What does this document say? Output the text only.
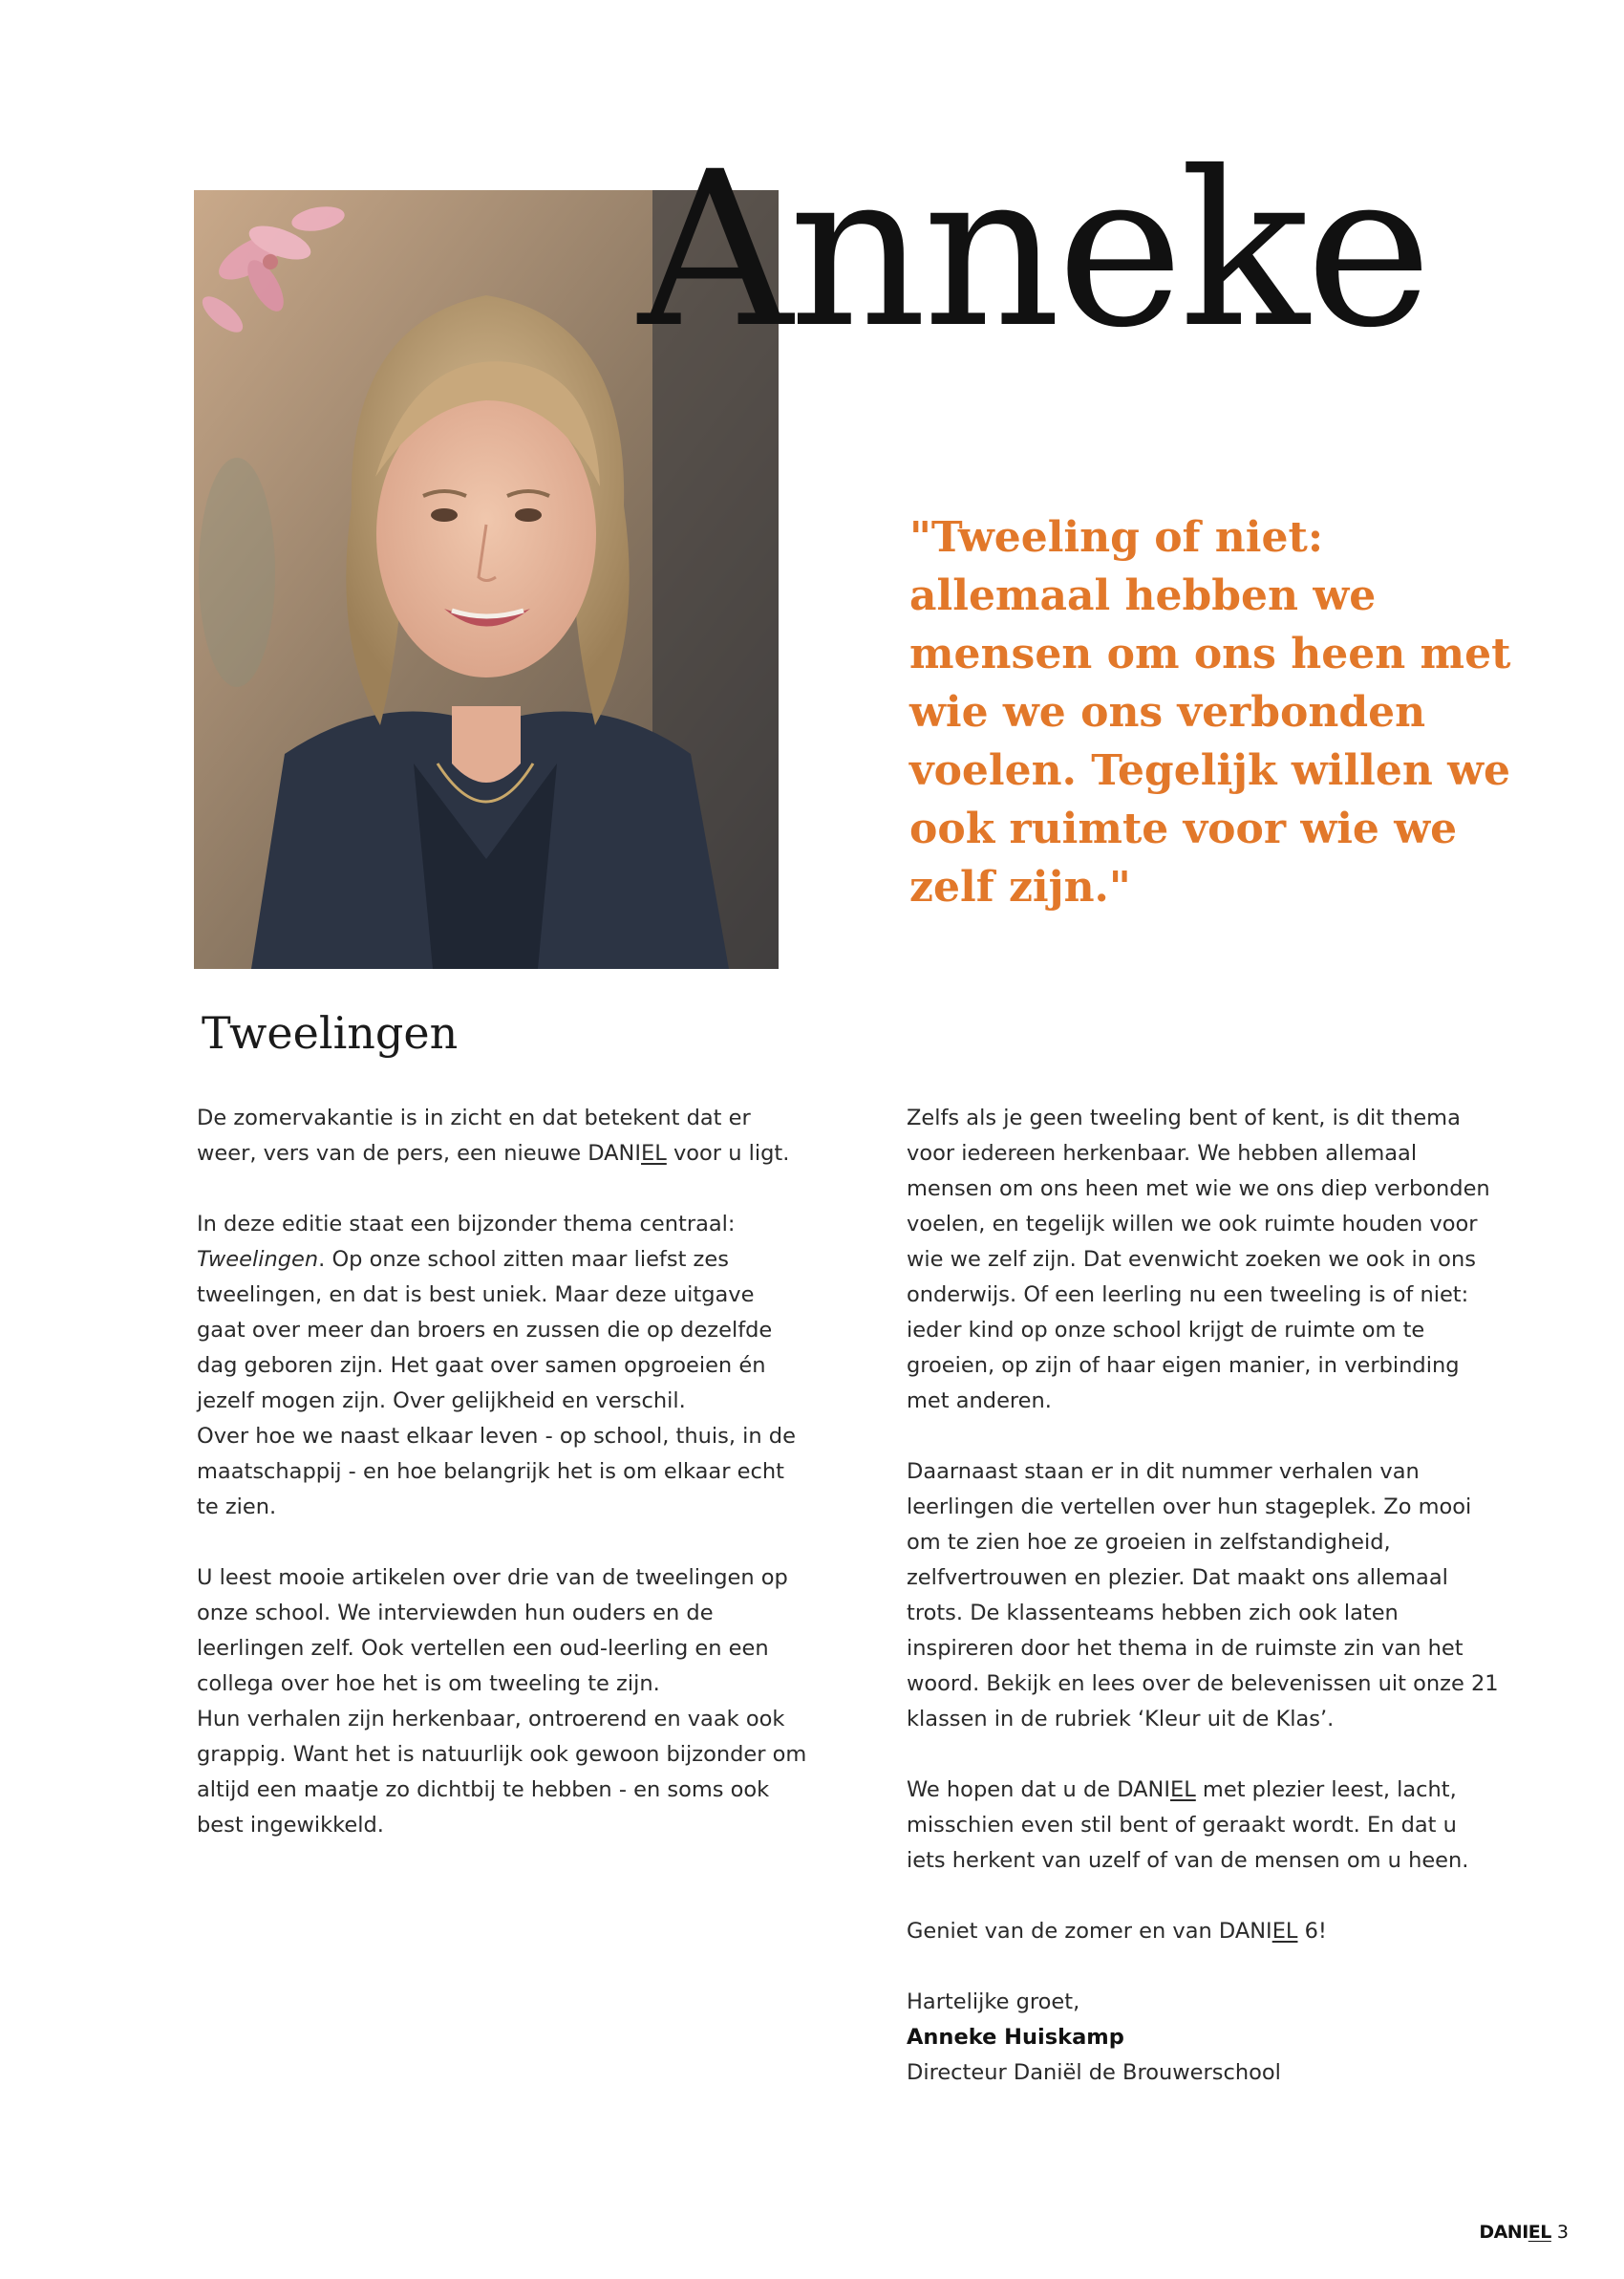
Anneke

"Tweeling of niet: allemaal hebben we mensen om ons heen met wie we ons verbonden voelen. Tegelijk willen we ook ruimte voor wie we zelf zijn."

Tweelingen

De zomervakantie is in zicht en dat betekent dat er weer, vers van de pers, een nieuwe DANIEL voor u ligt.

In deze editie staat een bijzonder thema centraal:
Tweelingen. Op onze school zitten maar liefst zes tweelingen, en dat is best uniek. Maar deze uitgave gaat over meer dan broers en zussen die op dezelfde dag geboren zijn. Het gaat over samen opgroeien én jezelf mogen zijn. Over gelijkheid en verschil.

Over hoe we naast elkaar leven - op school, thuis, in de maatschappij - en hoe belangrijk het is om elkaar echt te zien.

U leest mooie artikelen over drie van de tweelingen op onze school. We interviewden hun ouders en de leerlingen zelf. Ook vertellen een oud-leerling en een collega over hoe het is om tweeling te zijn.

Hun verhalen zijn herkenbaar, ontroerend en vaak ook grappig. Want het is natuurlijk ook gewoon bijzonder om altijd een maatje zo dichtbij te hebben - en soms ook best ingewikkeld.

Zelfs als je geen tweeling bent of kent, is dit thema voor iedereen herkenbaar. We hebben allemaal mensen om ons heen met wie we ons diep verbonden voelen, en tegelijk willen we ook ruimte houden voor wie we zelf zijn. Dat evenwicht zoeken we ook in ons onderwijs. Of een leerling nu een tweeling is of niet: ieder kind op onze school krijgt de ruimte om te groeien, op zijn of haar eigen manier, in verbinding met anderen.

Daarnaast staan er in dit nummer verhalen van leerlingen die vertellen over hun stageplek. Zo mooi om te zien hoe ze groeien in zelfstandigheid, zelfvertrouwen en plezier. Dat maakt ons allemaal trots. De klassenteams hebben zich ook laten inspireren door het thema in de ruimste zin van het woord. Bekijk en lees over de belevenissen uit onze 21 klassen in de rubriek ‘Kleur uit de Klas’.

We hopen dat u de DANIEL met plezier leest, lacht, misschien even stil bent of geraakt wordt. En dat u iets herkent van uzelf of van de mensen om u heen.

Geniet van de zomer en van DANIEL 6!

Hartelijke groet,
Anneke Huiskamp
Directeur Daniël de Brouwerschool

DANIEL 3
